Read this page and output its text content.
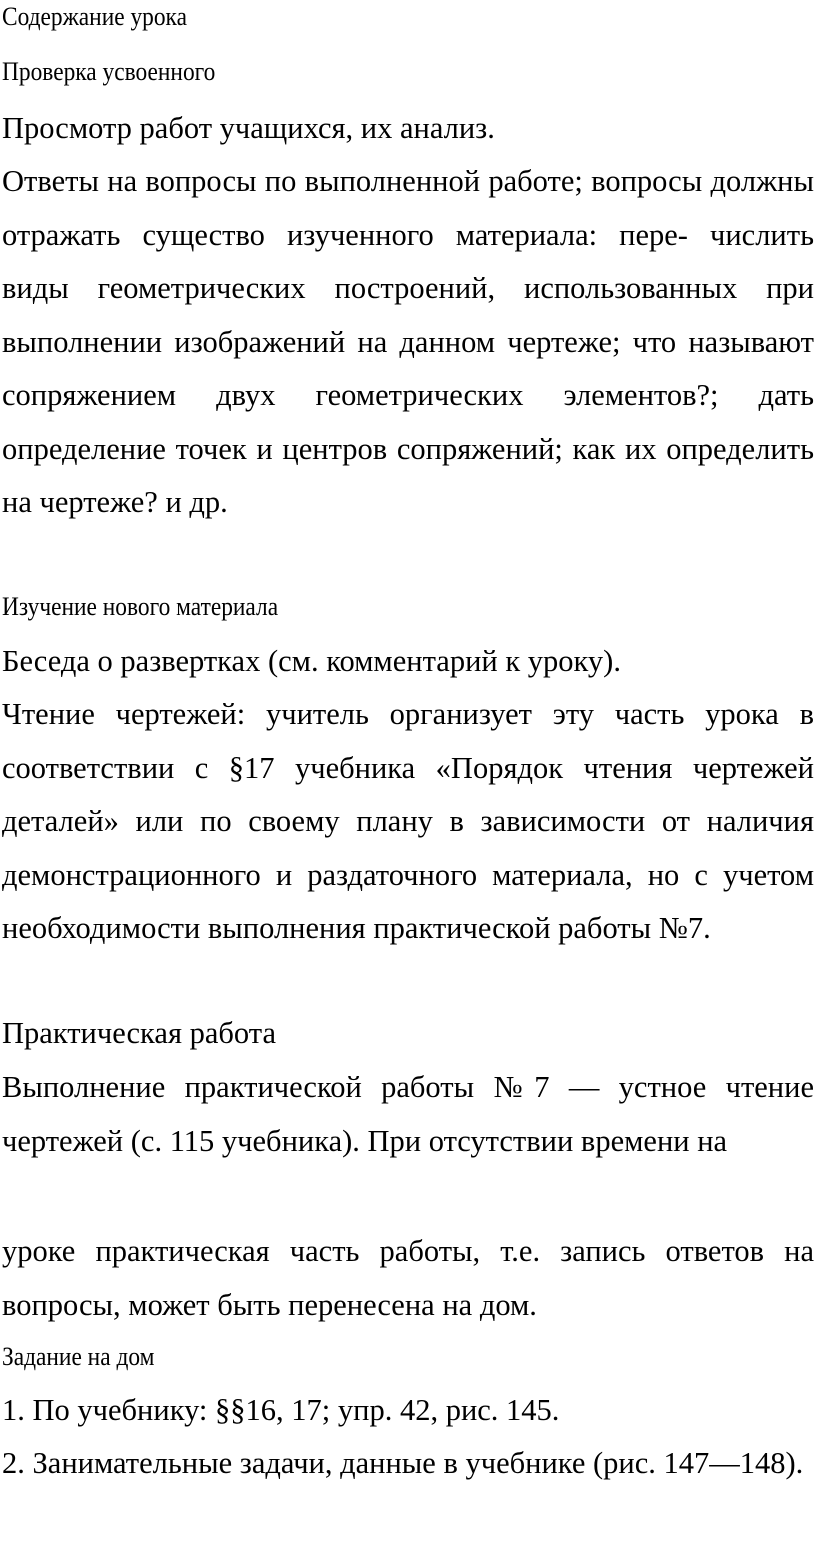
Содержание урока
Проверка усвоенного
Просмотр работ учащихся, их анализ.
Ответы на вопросы по выполненной работе; вопросы должны отражать существо изученного материала: пере- числить виды геометрических построений, использованных при выполнении изображений на данном чертеже; что называют сопряжением двух геометрических элементов?; дать определение точек и центров сопряжений; как их определить на чертеже? и др.
Изучение нового материала
Беседа о развертках (см. комментарий к уроку).
Чтение чертежей: учитель организует эту часть урока в соответствии с §17 учебника «Порядок чтения чертежей деталей» или по своему плану в зависимости от наличия демонстрационного и раздаточного материала, но с учетом необходимости выполнения практической работы №7.
Практическая работа
Выполнение практической работы №7 — устное чтение чертежей (с. 115 учебника). При отсутствии времени на
уроке практическая часть работы, т.е. запись ответов на вопросы, может быть перенесена на дом.
Задание на дом
1. По учебнику: §§16, 17; упр. 42, рис. 145.
2. Занимательные задачи, данные в учебнике (рис. 147—148).
